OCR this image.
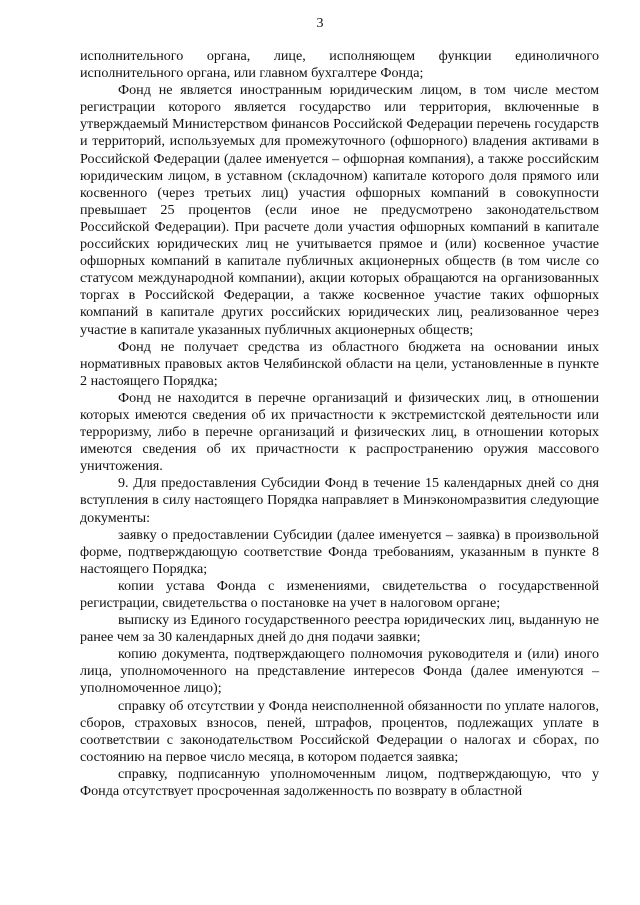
3

исполнительного органа, лице, исполняющем функции единоличного исполнительного органа, или главном бухгалтере Фонда;

Фонд не является иностранным юридическим лицом, в том числе местом регистрации которого является государство или территория, включенные в утверждаемый Министерством финансов Российской Федерации перечень государств и территорий, используемых для промежуточного (офшорного) владения активами в Российской Федерации (далее именуется – офшорная компания), а также российским юридическим лицом, в уставном (складочном) капитале которого доля прямого или косвенного (через третьих лиц) участия офшорных компаний в совокупности превышает 25 процентов (если иное не предусмотрено законодательством Российской Федерации). При расчете доли участия офшорных компаний в капитале российских юридических лиц не учитывается прямое и (или) косвенное участие офшорных компаний в капитале публичных акционерных обществ (в том числе со статусом международной компании), акции которых обращаются на организованных торгах в Российской Федерации, а также косвенное участие таких офшорных компаний в капитале других российских юридических лиц, реализованное через участие в капитале указанных публичных акционерных обществ;

Фонд не получает средства из областного бюджета на основании иных нормативных правовых актов Челябинской области на цели, установленные в пункте 2 настоящего Порядка;

Фонд не находится в перечне организаций и физических лиц, в отношении которых имеются сведения об их причастности к экстремистской деятельности или терроризму, либо в перечне организаций и физических лиц, в отношении которых имеются сведения об их причастности к распространению оружия массового уничтожения.

9. Для предоставления Субсидии Фонд в течение 15 календарных дней со дня вступления в силу настоящего Порядка направляет в Минэкономразвития следующие документы:

заявку о предоставлении Субсидии (далее именуется – заявка) в произвольной форме, подтверждающую соответствие Фонда требованиям, указанным в пункте 8 настоящего Порядка;

копии устава Фонда с изменениями, свидетельства о государственной регистрации, свидетельства о постановке на учет в налоговом органе;

выписку из Единого государственного реестра юридических лиц, выданную не ранее чем за 30 календарных дней до дня подачи заявки;

копию документа, подтверждающего полномочия руководителя и (или) иного лица, уполномоченного на представление интересов Фонда (далее именуются – уполномоченное лицо);

справку об отсутствии у Фонда неисполненной обязанности по уплате налогов, сборов, страховых взносов, пеней, штрафов, процентов, подлежащих уплате в соответствии с законодательством Российской Федерации о налогах и сборах, по состоянию на первое число месяца, в котором подается заявка;

справку, подписанную уполномоченным лицом, подтверждающую, что у Фонда отсутствует просроченная задолженность по возврату в областной
